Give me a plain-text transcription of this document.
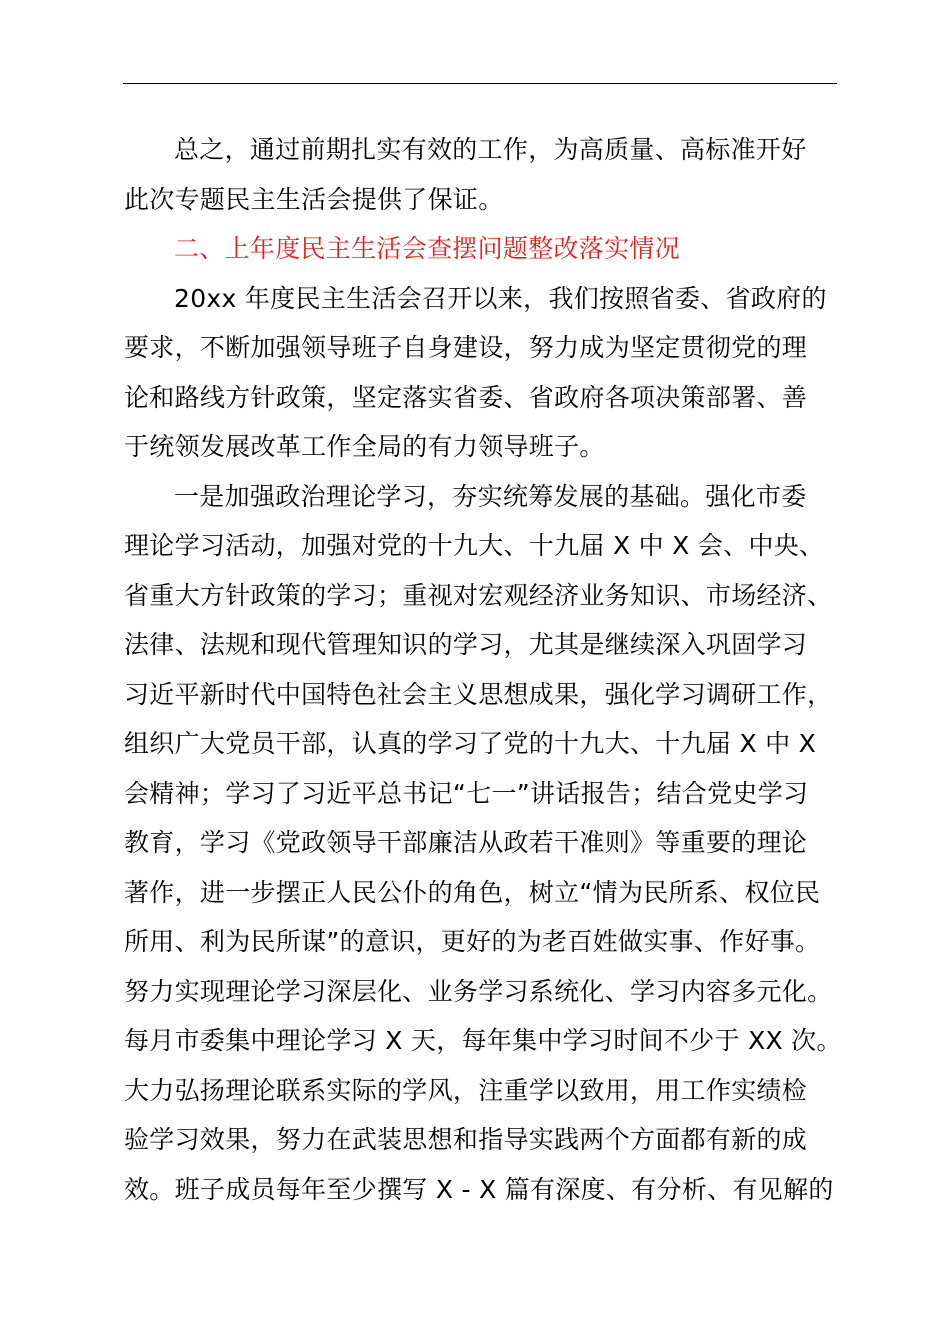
总之，通过前期扎实有效的工作，为高质量、高标准开好
此次专题民主生活会提供了保证。
二、上年度民主生活会查摆问题整改落实情况
20xx 年度民主生活会召开以来，我们按照省委、省政府的
要求，不断加强领导班子自身建设，努力成为坚定贯彻党的理
论和路线方针政策，坚定落实省委、省政府各项决策部署、善
于统领发展改革工作全局的有力领导班子。
一是加强政治理论学习，夯实统筹发展的基础。强化市委
理论学习活动，加强对党的十九大、十九届 X 中 X 会、中央、
省重大方针政策的学习；重视对宏观经济业务知识、市场经济、
法律、法规和现代管理知识的学习，尤其是继续深入巩固学习
习近平新时代中国特色社会主义思想成果，强化学习调研工作，
组织广大党员干部，认真的学习了党的十九大、十九届 X 中 X
会精神；学习了习近平总书记“七一”讲话报告；结合党史学习
教育，学习《党政领导干部廉洁从政若干准则》等重要的理论
著作，进一步摆正人民公仆的角色，树立“情为民所系、权位民
所用、利为民所谋”的意识，更好的为老百姓做实事、作好事。
努力实现理论学习深层化、业务学习系统化、学习内容多元化。
每月市委集中理论学习 X 天，每年集中学习时间不少于 XX 次。
大力弘扬理论联系实际的学风，注重学以致用，用工作实绩检
验学习效果，努力在武装思想和指导实践两个方面都有新的成
效。班子成员每年至少撰写 X - X 篇有深度、有分析、有见解的
